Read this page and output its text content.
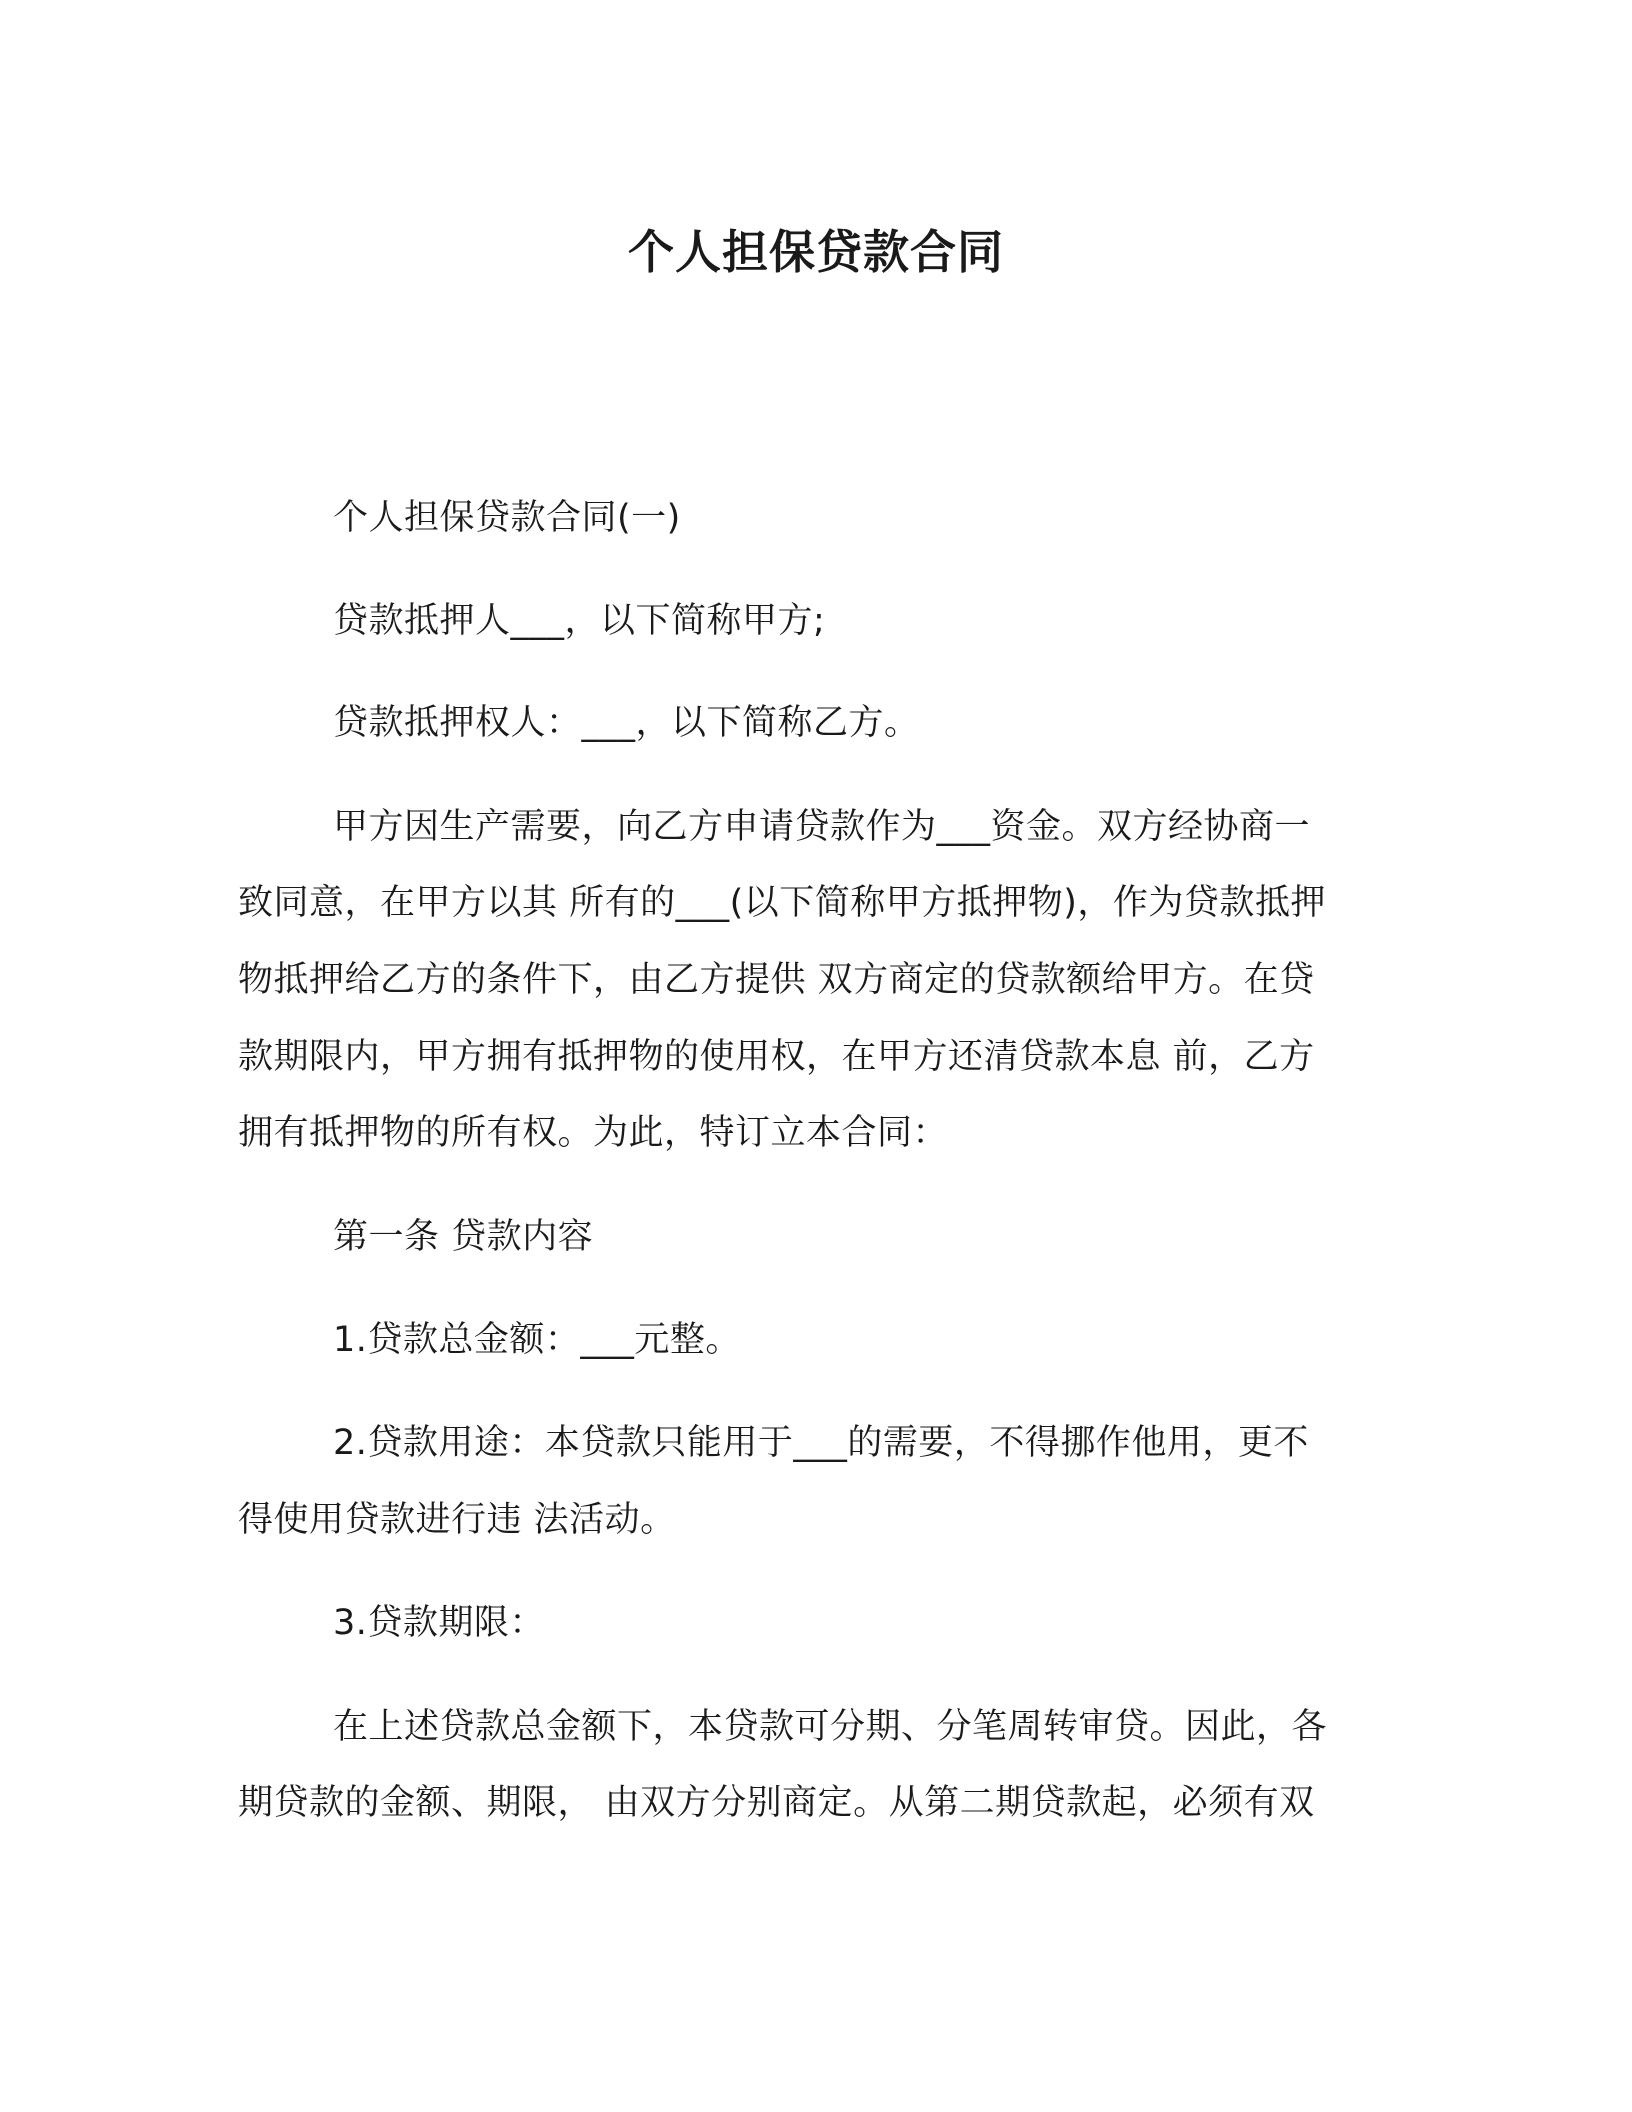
个人担保贷款合同
个人担保贷款合同(一)
贷款抵押人___，以下简称甲方;
贷款抵押权人：___，以下简称乙方。
甲方因生产需要，向乙方申请贷款作为___资金。双方经协商一
致同意，在甲方以其 所有的___(以下简称甲方抵押物)，作为贷款抵押
物抵押给乙方的条件下，由乙方提供 双方商定的贷款额给甲方。在贷
款期限内，甲方拥有抵押物的使用权，在甲方还清贷款本息 前，乙方
拥有抵押物的所有权。为此，特订立本合同：
第一条 贷款内容
1.贷款总金额：___元整。
2.贷款用途：本贷款只能用于___的需要，不得挪作他用，更不
得使用贷款进行违 法活动。
3.贷款期限：
在上述贷款总金额下，本贷款可分期、分笔周转审贷。因此，各
期贷款的金额、期限， 由双方分别商定。从第二期贷款起，必须有双
